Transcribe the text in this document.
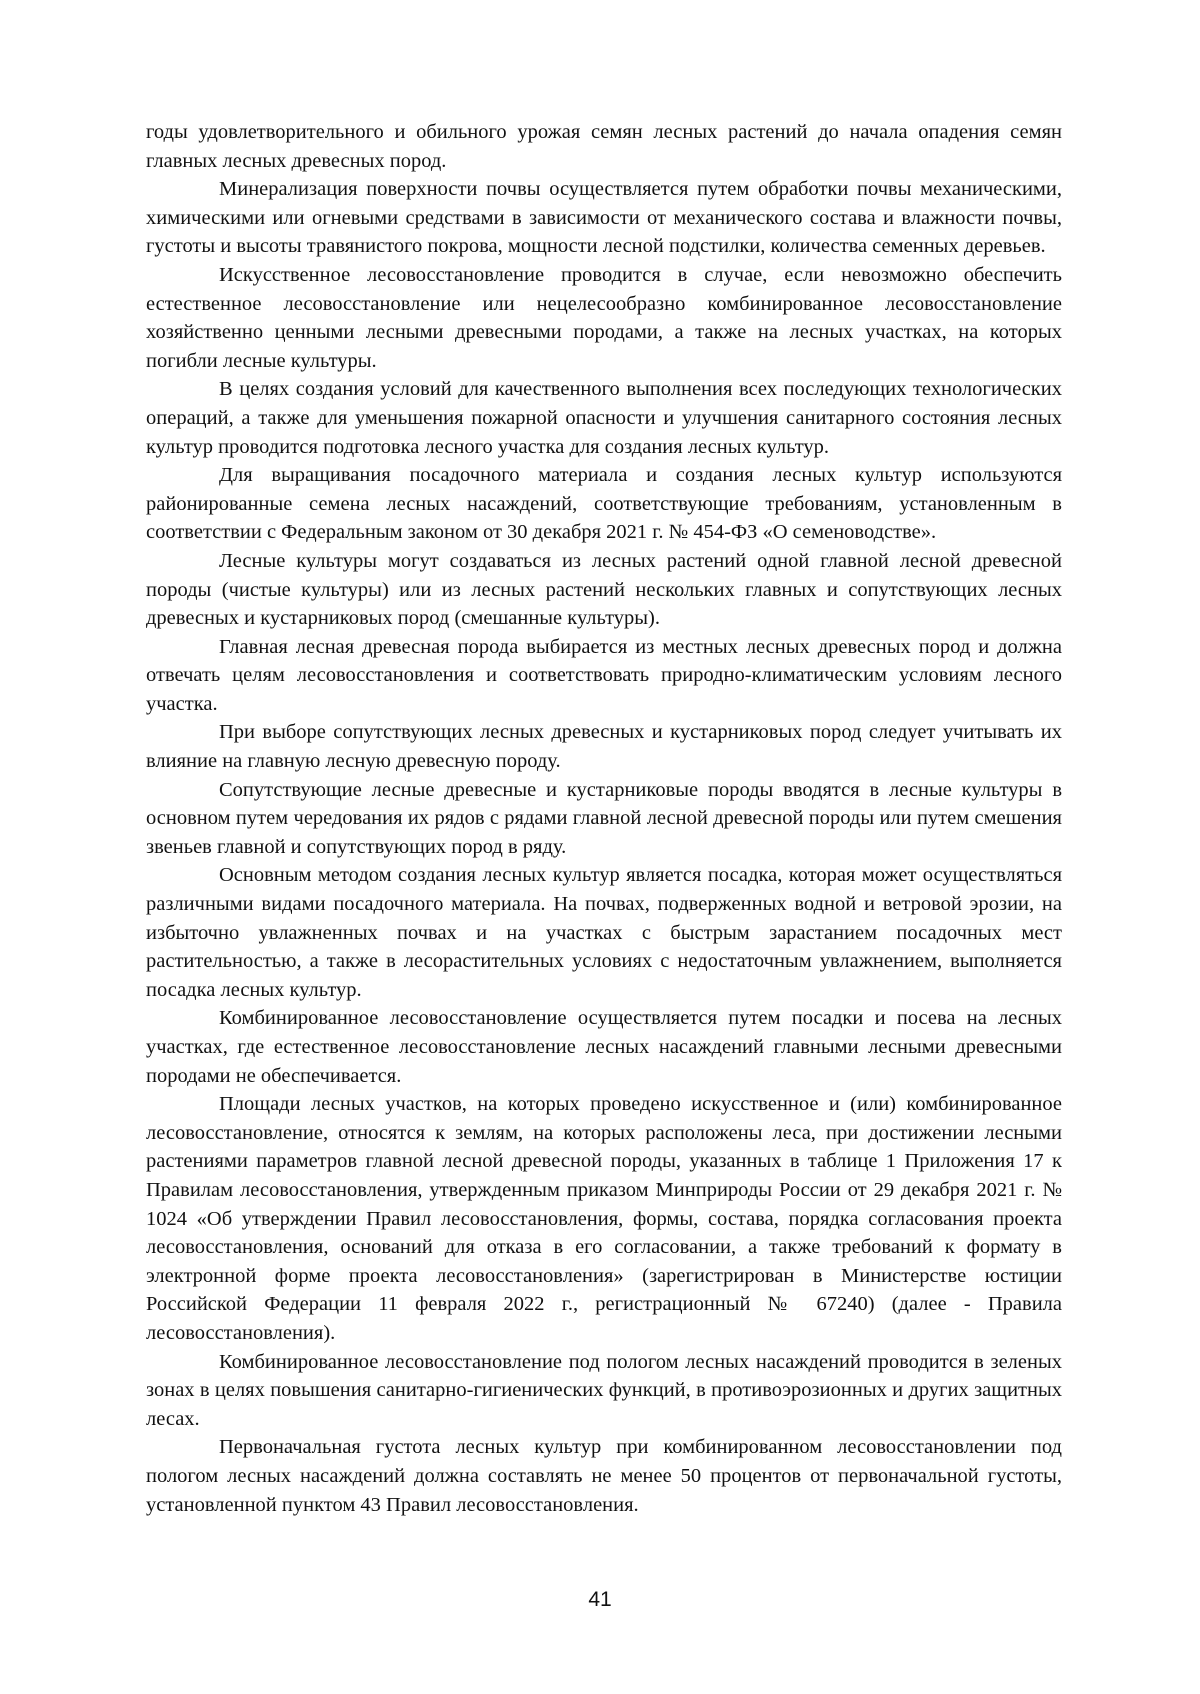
годы удовлетворительного и обильного урожая семян лесных растений до начала опадения семян главных лесных древесных пород.

Минерализация поверхности почвы осуществляется путем обработки почвы механическими, химическими или огневыми средствами в зависимости от механического состава и влажности почвы, густоты и высоты травянистого покрова, мощности лесной подстилки, количества семенных деревьев.

Искусственное лесовосстановление проводится в случае, если невозможно обеспечить естественное лесовосстановление или нецелесообразно комбинированное лесовосстановление хозяйственно ценными лесными древесными породами, а также на лесных участках, на которых погибли лесные культуры.

В целях создания условий для качественного выполнения всех последующих технологических операций, а также для уменьшения пожарной опасности и улучшения санитарного состояния лесных культур проводится подготовка лесного участка для создания лесных культур.

Для выращивания посадочного материала и создания лесных культур используются районированные семена лесных насаждений, соответствующие требованиям, установленным в соответствии с Федеральным законом от 30 декабря 2021 г. № 454-ФЗ «О семеноводстве».

Лесные культуры могут создаваться из лесных растений одной главной лесной древесной породы (чистые культуры) или из лесных растений нескольких главных и сопутствующих лесных древесных и кустарниковых пород (смешанные культуры).

Главная лесная древесная порода выбирается из местных лесных древесных пород и должна отвечать целям лесовосстановления и соответствовать природно-климатическим условиям лесного участка.

При выборе сопутствующих лесных древесных и кустарниковых пород следует учитывать их влияние на главную лесную древесную породу.

Сопутствующие лесные древесные и кустарниковые породы вводятся в лесные культуры в основном путем чередования их рядов с рядами главной лесной древесной породы или путем смешения звеньев главной и сопутствующих пород в ряду.

Основным методом создания лесных культур является посадка, которая может осуществляться различными видами посадочного материала. На почвах, подверженных водной и ветровой эрозии, на избыточно увлажненных почвах и на участках с быстрым зарастанием посадочных мест растительностью, а также в лесорастительных условиях с недостаточным увлажнением, выполняется посадка лесных культур.

Комбинированное лесовосстановление осуществляется путем посадки и посева на лесных участках, где естественное лесовосстановление лесных насаждений главными лесными древесными породами не обеспечивается.

Площади лесных участков, на которых проведено искусственное и (или) комбинированное лесовосстановление, относятся к землям, на которых расположены леса, при достижении лесными растениями параметров главной лесной древесной породы, указанных в таблице 1 Приложения 17 к Правилам лесовосстановления, утвержденным приказом Минприроды России от 29 декабря 2021 г. № 1024 «Об утверждении Правил лесовосстановления, формы, состава, порядка согласования проекта лесовосстановления, оснований для отказа в его согласовании, а также требований к формату в электронной форме проекта лесовосстановления» (зарегистрирован в Министерстве юстиции Российской Федерации 11 февраля 2022 г., регистрационный № 67240) (далее - Правила лесовосстановления).

Комбинированное лесовосстановление под пологом лесных насаждений проводится в зеленых зонах в целях повышения санитарно-гигиенических функций, в противоэрозионных и других защитных лесах.

Первоначальная густота лесных культур при комбинированном лесовосстановлении под пологом лесных насаждений должна составлять не менее 50 процентов от первоначальной густоты, установленной пунктом 43 Правил лесовосстановления.

41
